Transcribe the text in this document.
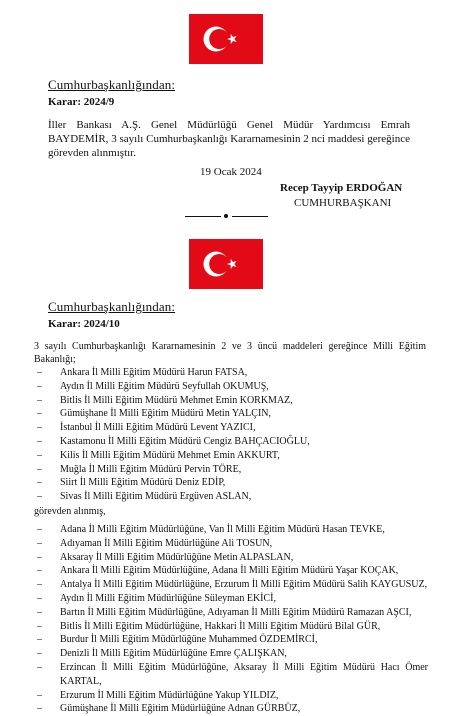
Cumhurbaşkanlığından:
Karar: 2024/9
İller Bankası A.Ş. Genel Müdürlüğü Genel Müdür Yardımcısı Emrah BAYDEMİR, 3 sayılı Cumhurbaşkanlığı Kararnamesinin 2 nci maddesi gereğince görevden alınmıştır.
19 Ocak 2024
Recep Tayyip ERDOĞAN
CUMHURBAŞKANI
Cumhurbaşkanlığından:
Karar: 2024/10
3 sayılı Cumhurbaşkanlığı Kararnamesinin 2 ve 3 üncü maddeleri gereğince Milli Eğitim Bakanlığı;
– Ankara İl Milli Eğitim Müdürü Harun FATSA,
– Aydın İl Milli Eğitim Müdürü Seyfullah OKUMUŞ,
– Bitlis İl Milli Eğitim Müdürü Mehmet Emin KORKMAZ,
– Gümüşhane İl Milli Eğitim Müdürü Metin YALÇIN,
– İstanbul İl Milli Eğitim Müdürü Levent YAZICI,
– Kastamonu İl Milli Eğitim Müdürü Cengiz BAHÇACIOĞLU,
– Kilis İl Milli Eğitim Müdürü Mehmet Emin AKKURT,
– Muğla İl Milli Eğitim Müdürü Pervin TÖRE,
– Siirt İl Milli Eğitim Müdürü Deniz EDİP,
– Sivas İl Milli Eğitim Müdürü Ergüven ASLAN,
görevden alınmış,
– Adana İl Milli Eğitim Müdürlüğüne, Van İl Milli Eğitim Müdürü Hasan TEVKE,
– Adıyaman İl Milli Eğitim Müdürlüğüne Ali TOSUN,
– Aksaray İl Milli Eğitim Müdürlüğüne Metin ALPASLAN,
– Ankara İl Milli Eğitim Müdürlüğüne, Adana İl Milli Eğitim Müdürü Yaşar KOÇAK,
– Antalya İl Milli Eğitim Müdürlüğüne, Erzurum İl Milli Eğitim Müdürü Salih KAYGUSUZ,
– Aydın İl Milli Eğitim Müdürlüğüne Süleyman EKİCİ,
– Bartın İl Milli Eğitim Müdürlüğüne, Adıyaman İl Milli Eğitim Müdürü Ramazan AŞCI,
– Bitlis İl Milli Eğitim Müdürlüğüne, Hakkari İl Milli Eğitim Müdürü Bilal GÜR,
– Burdur İl Milli Eğitim Müdürlüğüne Muhammed ÖZDEMİRCİ,
– Denizli İl Milli Eğitim Müdürlüğüne Emre ÇALIŞKAN,
– Erzincan İl Milli Eğitim Müdürlüğüne, Aksaray İl Milli Eğitim Müdürü Hacı Ömer KARTAL,
– Erzurum İl Milli Eğitim Müdürlüğüne Yakup YILDIZ,
– Gümüşhane İl Milli Eğitim Müdürlüğüne Adnan GÜRBÜZ,
